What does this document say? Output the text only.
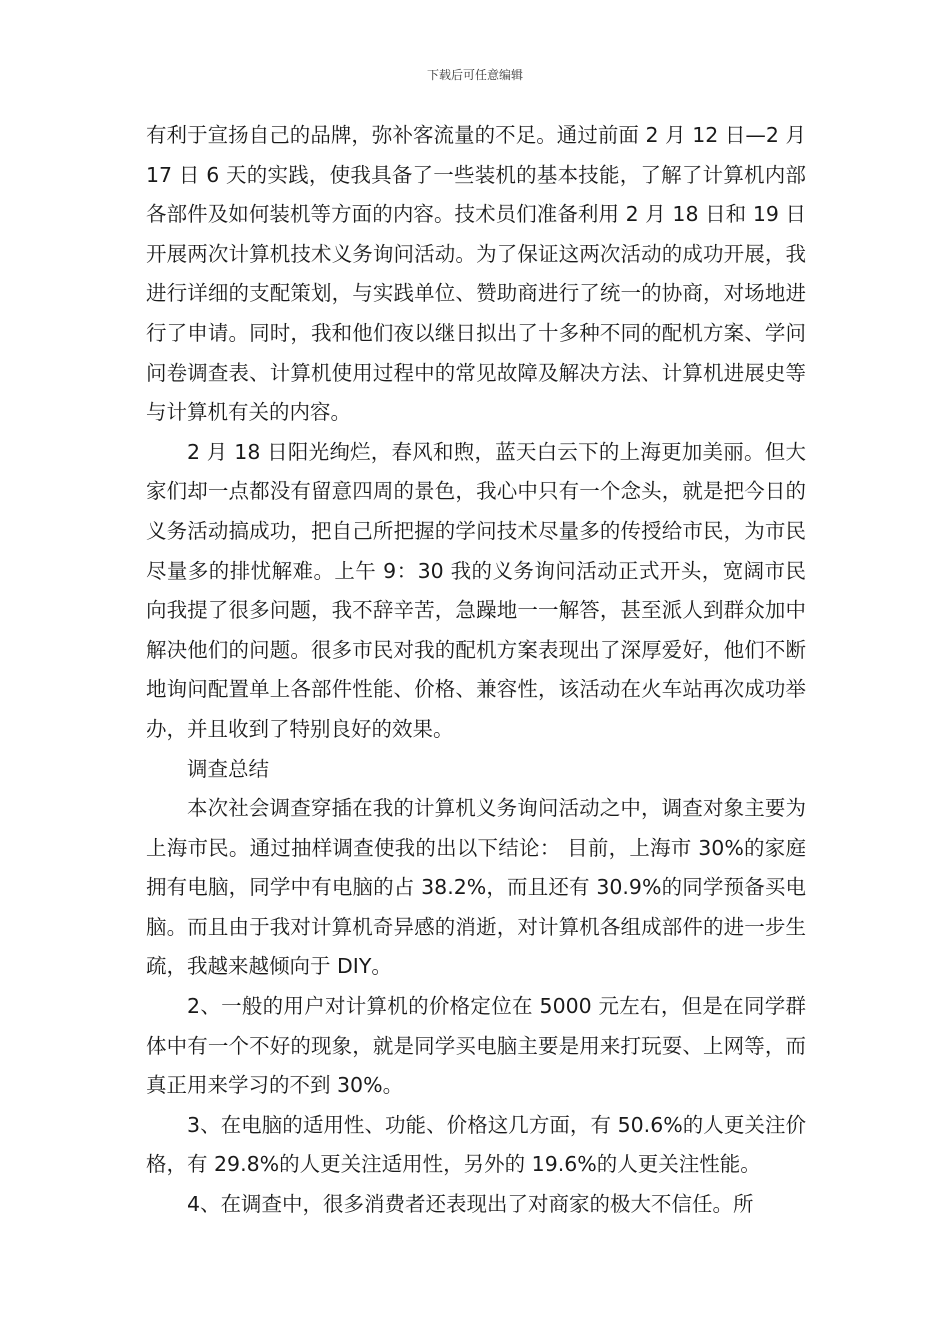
下载后可任意编辑

有利于宣扬自己的品牌，弥补客流量的不足。通过前面 2 月 12 日—2 月 17 日 6 天的实践，使我具备了一些装机的基本技能，了解了计算机内部各部件及如何装机等方面的内容。技术员们准备利用 2 月 18 日和 19 日开展两次计算机技术义务询问活动。为了保证这两次活动的成功开展，我进行详细的支配策划，与实践单位、赞助商进行了统一的协商，对场地进行了申请。同时，我和他们夜以继日拟出了十多种不同的配机方案、学问问卷调查表、计算机使用过程中的常见故障及解决方法、计算机进展史等与计算机有关的内容。

2 月 18 日阳光绚烂，春风和煦，蓝天白云下的上海更加美丽。但大家们却一点都没有留意四周的景色，我心中只有一个念头，就是把今日的义务活动搞成功，把自己所把握的学问技术尽量多的传授给市民，为市民尽量多的排忧解难。上午 9：30 我的义务询问活动正式开头，宽阔市民向我提了很多问题，我不辞辛苦，急躁地一一解答，甚至派人到群众加中解决他们的问题。很多市民对我的配机方案表现出了深厚爱好，他们不断地询问配置单上各部件性能、价格、兼容性，该活动在火车站再次成功举办，并且收到了特别良好的效果。

调查总结

本次社会调查穿插在我的计算机义务询问活动之中，调查对象主要为上海市民。通过抽样调查使我的出以下结论： 目前，上海市 30%的家庭拥有电脑，同学中有电脑的占 38.2%，而且还有 30.9%的同学预备买电脑。而且由于我对计算机奇异感的消逝，对计算机各组成部件的进一步生疏，我越来越倾向于 DIY。

2、一般的用户对计算机的价格定位在 5000 元左右，但是在同学群体中有一个不好的现象，就是同学买电脑主要是用来打玩耍、上网等，而真正用来学习的不到 30%。

3、在电脑的适用性、功能、价格这几方面，有 50.6%的人更关注价格，有 29.8%的人更关注适用性，另外的 19.6%的人更关注性能。

4、在调查中，很多消费者还表现出了对商家的极大不信任。所
